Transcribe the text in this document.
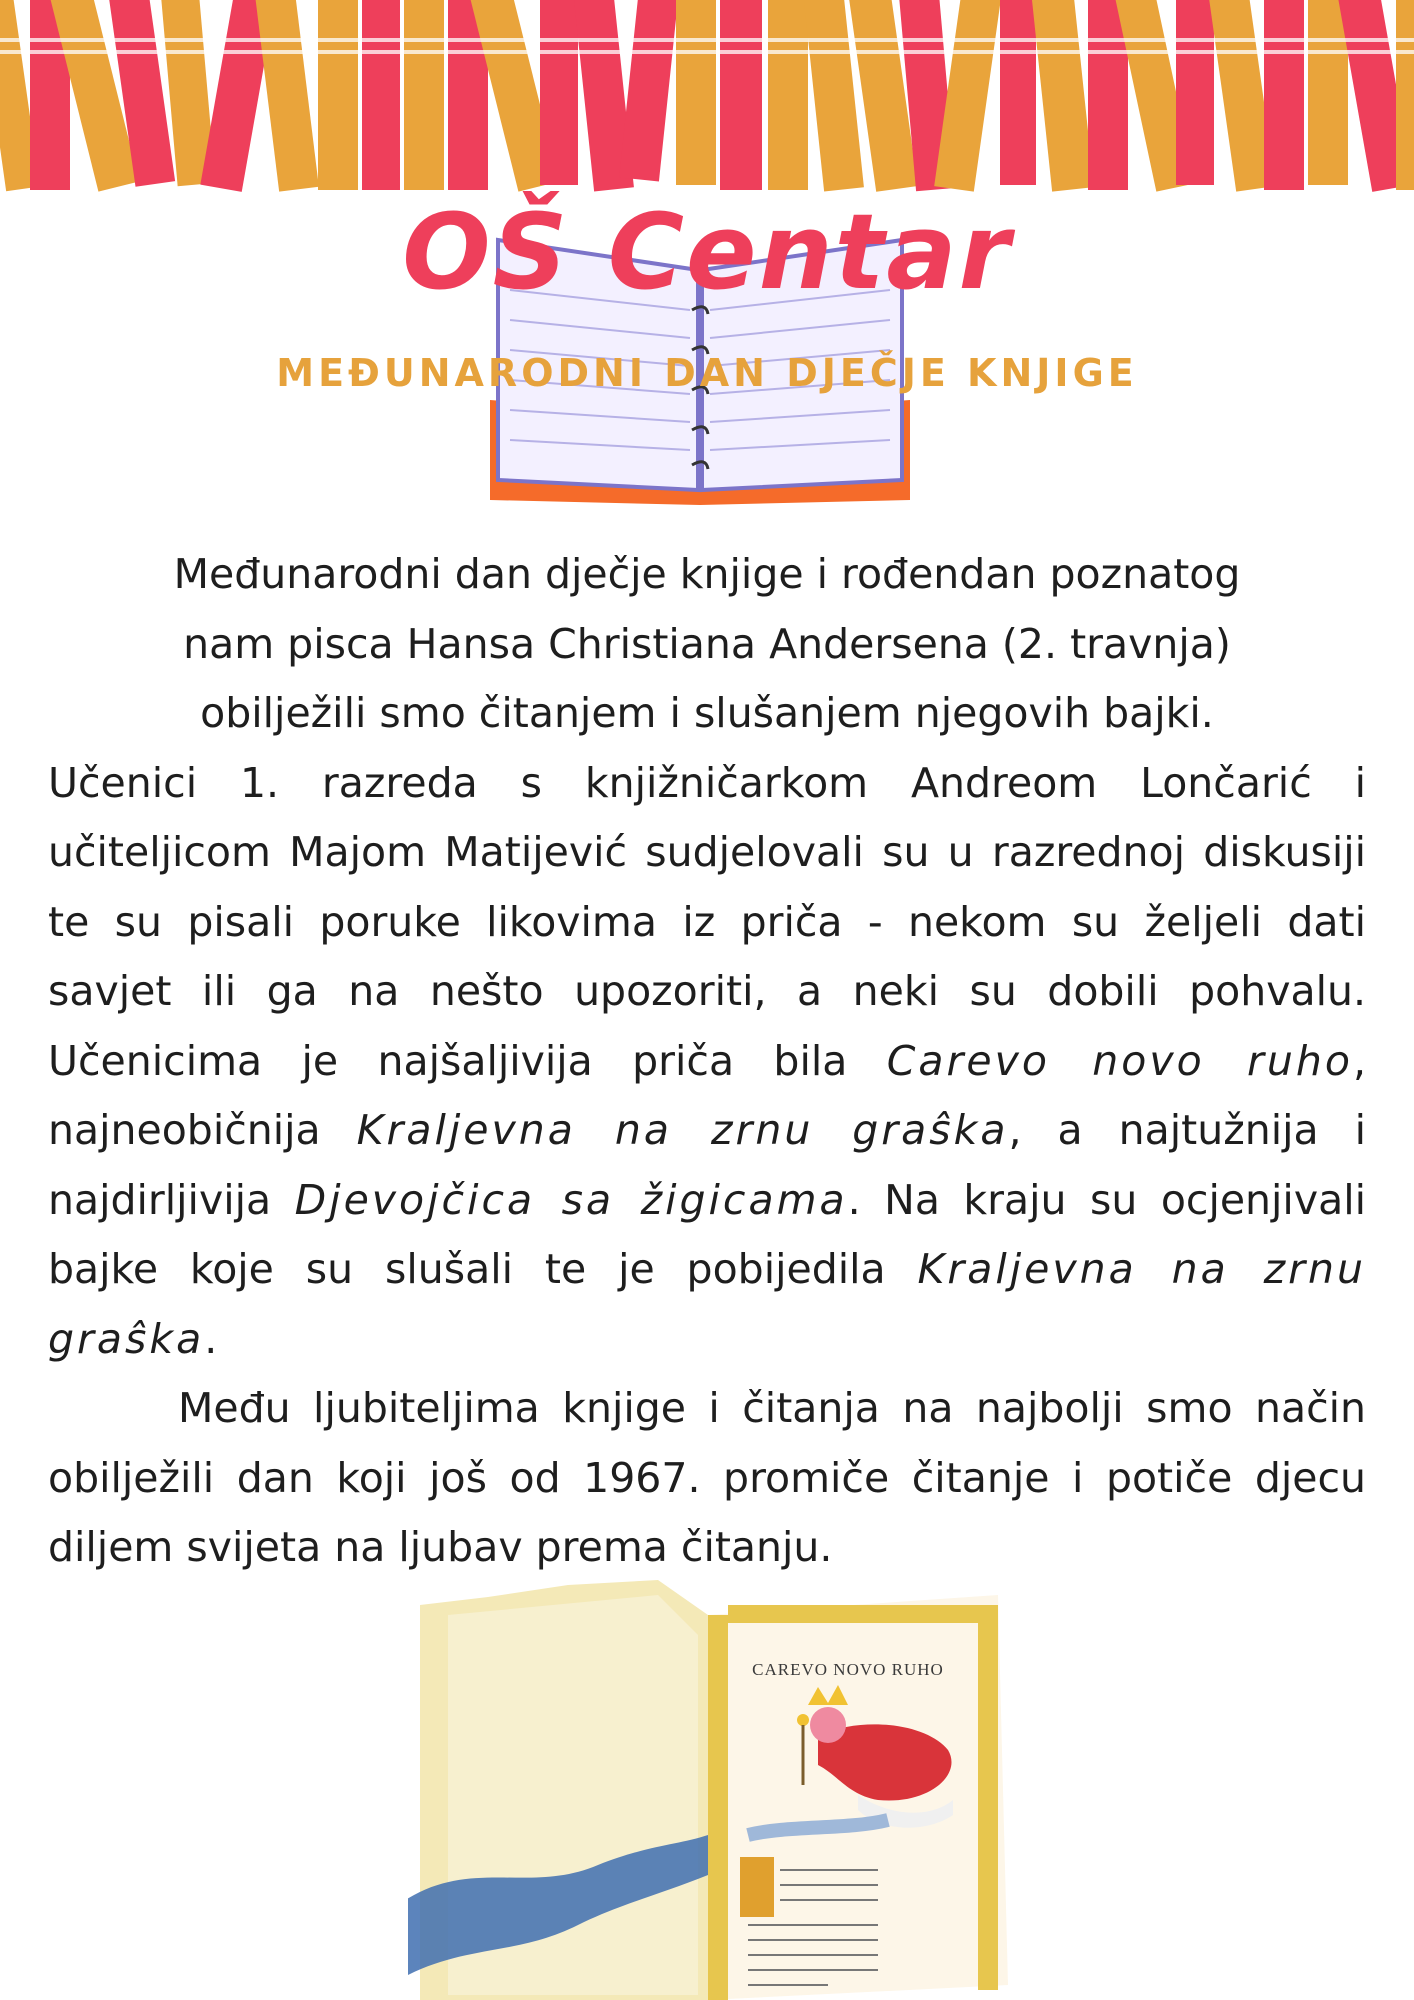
OŠ Centar
MEĐUNARODNI DAN DJEČJE KNJIGE
Međunarodni dan dječje knjige i rođendan poznatog
nam pisca Hansa Christiana Andersena (2. travnja)
obilježili smo čitanjem i slušanjem njegovih bajki.
Učenici 1. razreda s knjižničarkom Andreom Lončarić i učiteljicom Majom Matijević sudjelovali su u razrednoj diskusiji te su pisali poruke likovima iz priča - nekom su željeli dati savjet ili ga na nešto upozoriti, a neki su dobili pohvalu. Učenicima je najšaljivija priča bila Carevo novo ruho, najneobičnija Kraljevna na zrnu graŝka, a najtužnija i najdirljivija Djevojčica sa žigicama. Na kraju su ocjenjivali bajke koje su slušali te je pobijedila Kraljevna na zrnu graŝka.
Među ljubiteljima knjige i čitanja na najbolji smo način obilježili dan koji još od 1967. promiče čitanje i potiče djecu diljem svijeta na ljubav prema čitanju.
CAREVO NOVO RUHO
